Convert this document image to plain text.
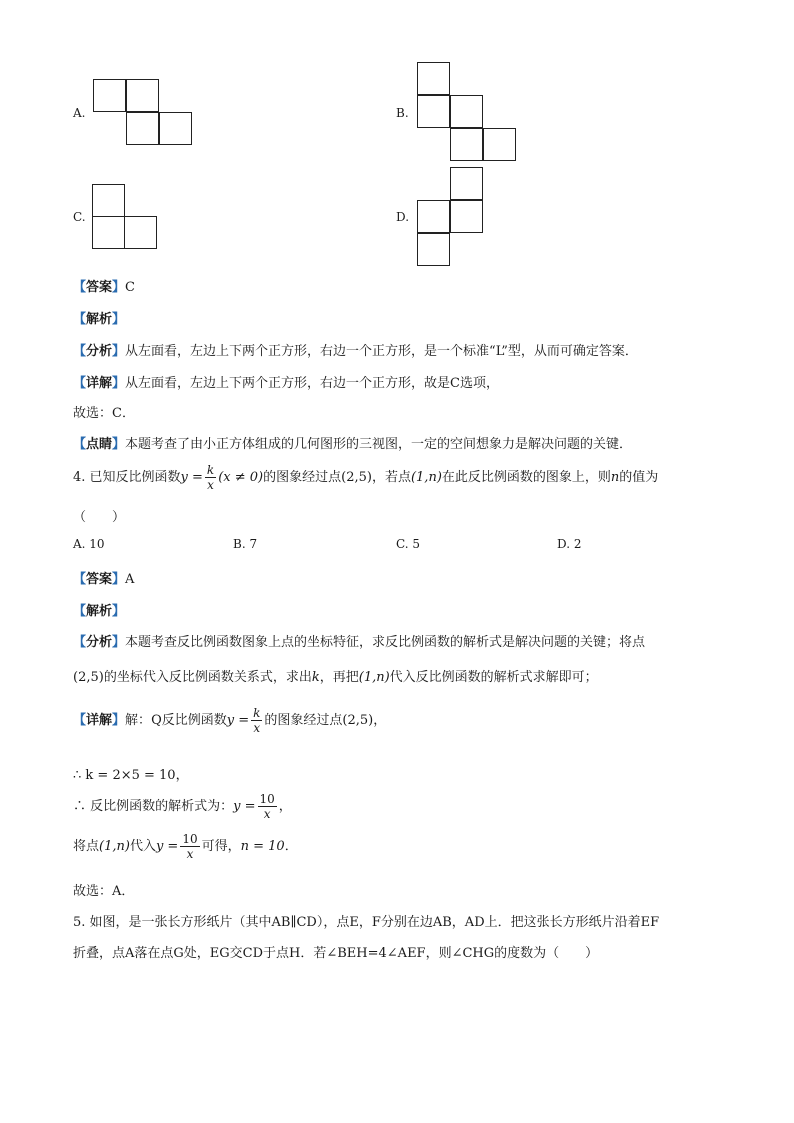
A.	B.
C.	D.
【答案】C
【解析】
【分析】从左面看，左边上下两个正方形，右边一个正方形，是一个标准“L”型，从而可确定答案．
【详解】从左面看，左边上下两个正方形，右边一个正方形，故是C选项，
故选：C．
【点睛】本题考查了由小正方体组成的几何图形的三视图，一定的空间想象力是解决问题的关键．
4. 已知反比例函数$y = \frac{k}{x} (x \ne 0)$的图象经过点(2,5)，若点(1,n)在此反比例函数的图象上，则n的值为
（　　）
A. 10	B. 7	C. 5	D. 2
【答案】A
【解析】
【分析】本题考查反比例函数图象上点的坐标特征，求反比例函数的解析式是解决问题的关键；将点
(2,5)的坐标代入反比例函数关系式，求出k，再把(1,n)代入反比例函数的解析式求解即可；
【详解】解：Q反比例函数$y = \frac{k}{x}$ 的图象经过点(2,5)，
∴ k = 2×5 = 10，
∴ 反比例函数的解析式为：$y = \frac{10}{x}$ ，
将点(1,n)代入$y = \frac{10}{x}$ 可得，n = 10．
故选：A．
5. 如图，是一张长方形纸片（其中AB∥CD），点E，F分别在边AB，AD上．把这张长方形纸片沿着EF
折叠，点A落在点G处，EG交CD于点H．若∠BEH=4∠AEF，则∠CHG的度数为（　　）
